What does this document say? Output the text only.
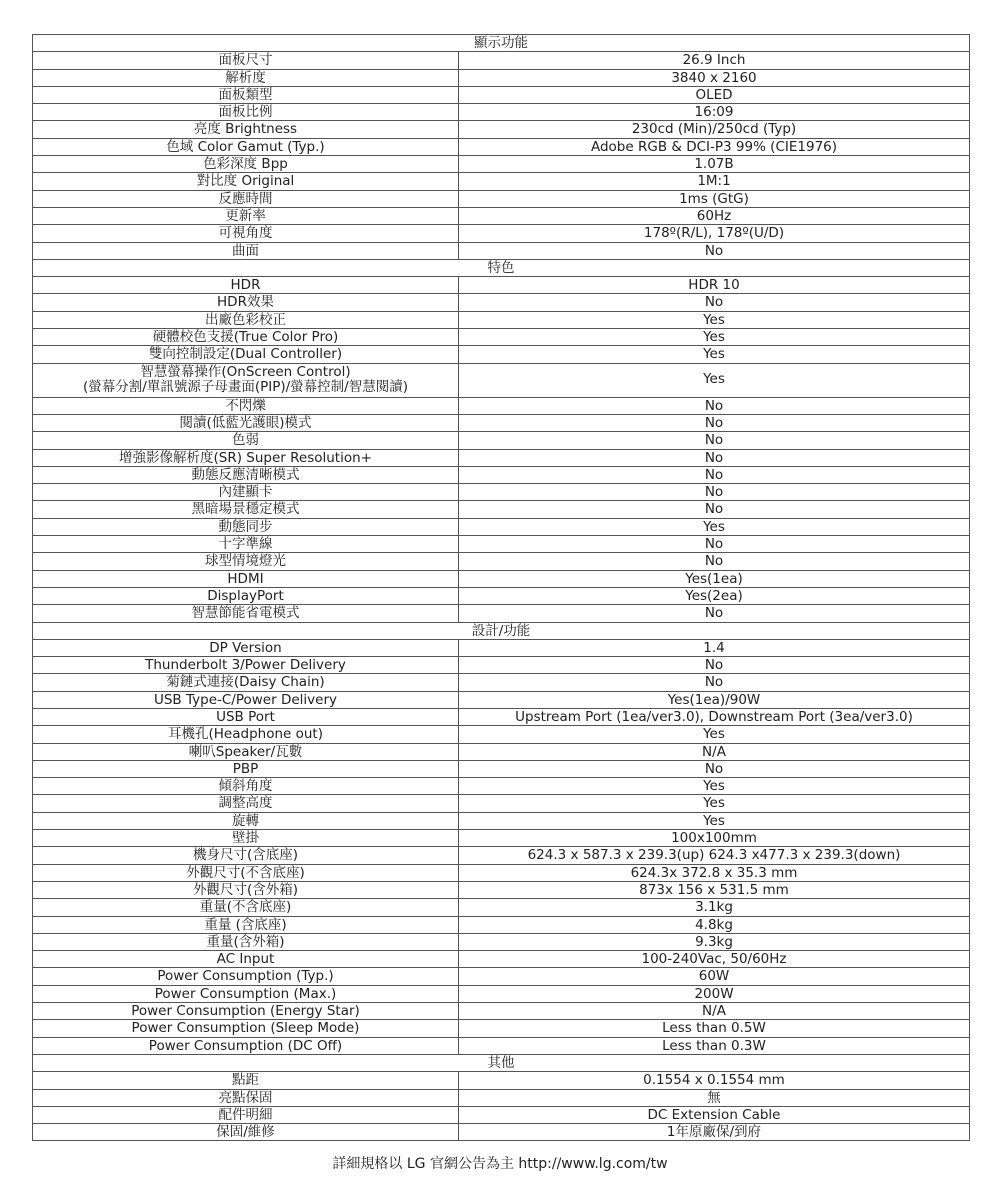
顯示功能	
面板尺寸	26.9 Inch
解析度	3840 x 2160
面板類型	OLED
面板比例	16:09
亮度 Brightness	230cd (Min)/250cd (Typ)
色域 Color Gamut (Typ.)	Adobe RGB & DCI-P3 99% (CIE1976)
色彩深度 Bpp	1.07B
對比度 Original	1M:1
反應時間	1ms (GtG)
更新率	60Hz
可視角度	178º(R/L), 178º(U/D)
曲面	No
特色	
HDR	HDR 10
HDR效果	No
出廠色彩校正	Yes
硬體校色支援(True Color Pro)	Yes
雙向控制設定(Dual Controller)	Yes

智慧螢幕操作(OnScreen Control)
(螢幕分割/單訊號源子母畫面(PIP)/螢幕控制/智慧閱讀)	Yes
不閃爍	No
閱讀(低藍光護眼)模式	No
色弱	No
增強影像解析度(SR) Super Resolution+	No
動態反應清晰模式	No
內建顯卡	No
黑暗場景穩定模式	No
動態同步	Yes
十字準線	No
球型情境燈光	No
HDMI	Yes(1ea)
DisplayPort	Yes(2ea)
智慧節能省電模式	No
設計/功能	
DP Version	1.4
Thunderbolt 3/Power Delivery	No
菊鏈式連接(Daisy Chain)	No
USB Type-C/Power Delivery	Yes(1ea)/90W
USB Port	Upstream Port (1ea/ver3.0), Downstream Port (3ea/ver3.0)
耳機孔(Headphone out)	Yes
喇叭Speaker/瓦數	N/A
PBP	No
傾斜角度	Yes
調整高度	Yes
旋轉	Yes
壁掛	100x100mm
機身尺寸(含底座)	624.3 x 587.3 x 239.3(up) 624.3 x477.3 x 239.3(down)
外觀尺寸(不含底座)	624.3x 372.8 x 35.3 mm
外觀尺寸(含外箱)	873x 156 x 531.5 mm
重量(不含底座)	3.1kg
重量 (含底座)	4.8kg
重量(含外箱)	9.3kg
AC Input	100-240Vac, 50/60Hz
Power Consumption (Typ.)	60W
Power Consumption (Max.)	200W
Power Consumption (Energy Star)	N/A
Power Consumption (Sleep Mode)	Less than 0.5W
Power Consumption (DC Off)	Less than 0.3W
其他	
點距	0.1554 x 0.1554 mm
亮點保固	無
配件明細	DC Extension Cable
保固/維修	1年原廠保/到府
詳細規格以 LG 官網公告為主 http://www.lg.com/tw
